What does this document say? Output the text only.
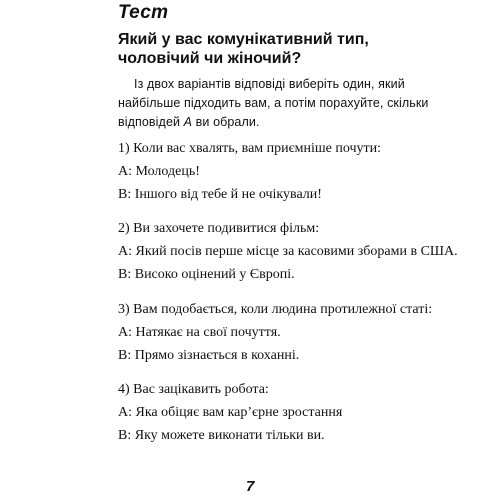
Тест
Який у вас комунікативний тип, чоловічий чи жіночий?

Із двох варіантів відповіді виберіть один, який найбільше підходить вам, а потім порахуйте, скільки відповідей А ви обрали.

1) Коли вас хвалять, вам приємніше почути:

А: Молодець!

В: Іншого від тебе й не очікували!

2) Ви захочете подивитися фільм:

А: Який посів перше місце за касовими зборами в США.

В: Високо оцінений у Європі.

3) Вам подобається, коли людина протилежної статі:

А: Натякає на свої почуття.

В: Прямо зізнається в коханні.

4) Вас зацікавить робота:

А: Яка обіцяє вам кар’єрне зростання

В: Яку можете виконати тільки ви.

7
